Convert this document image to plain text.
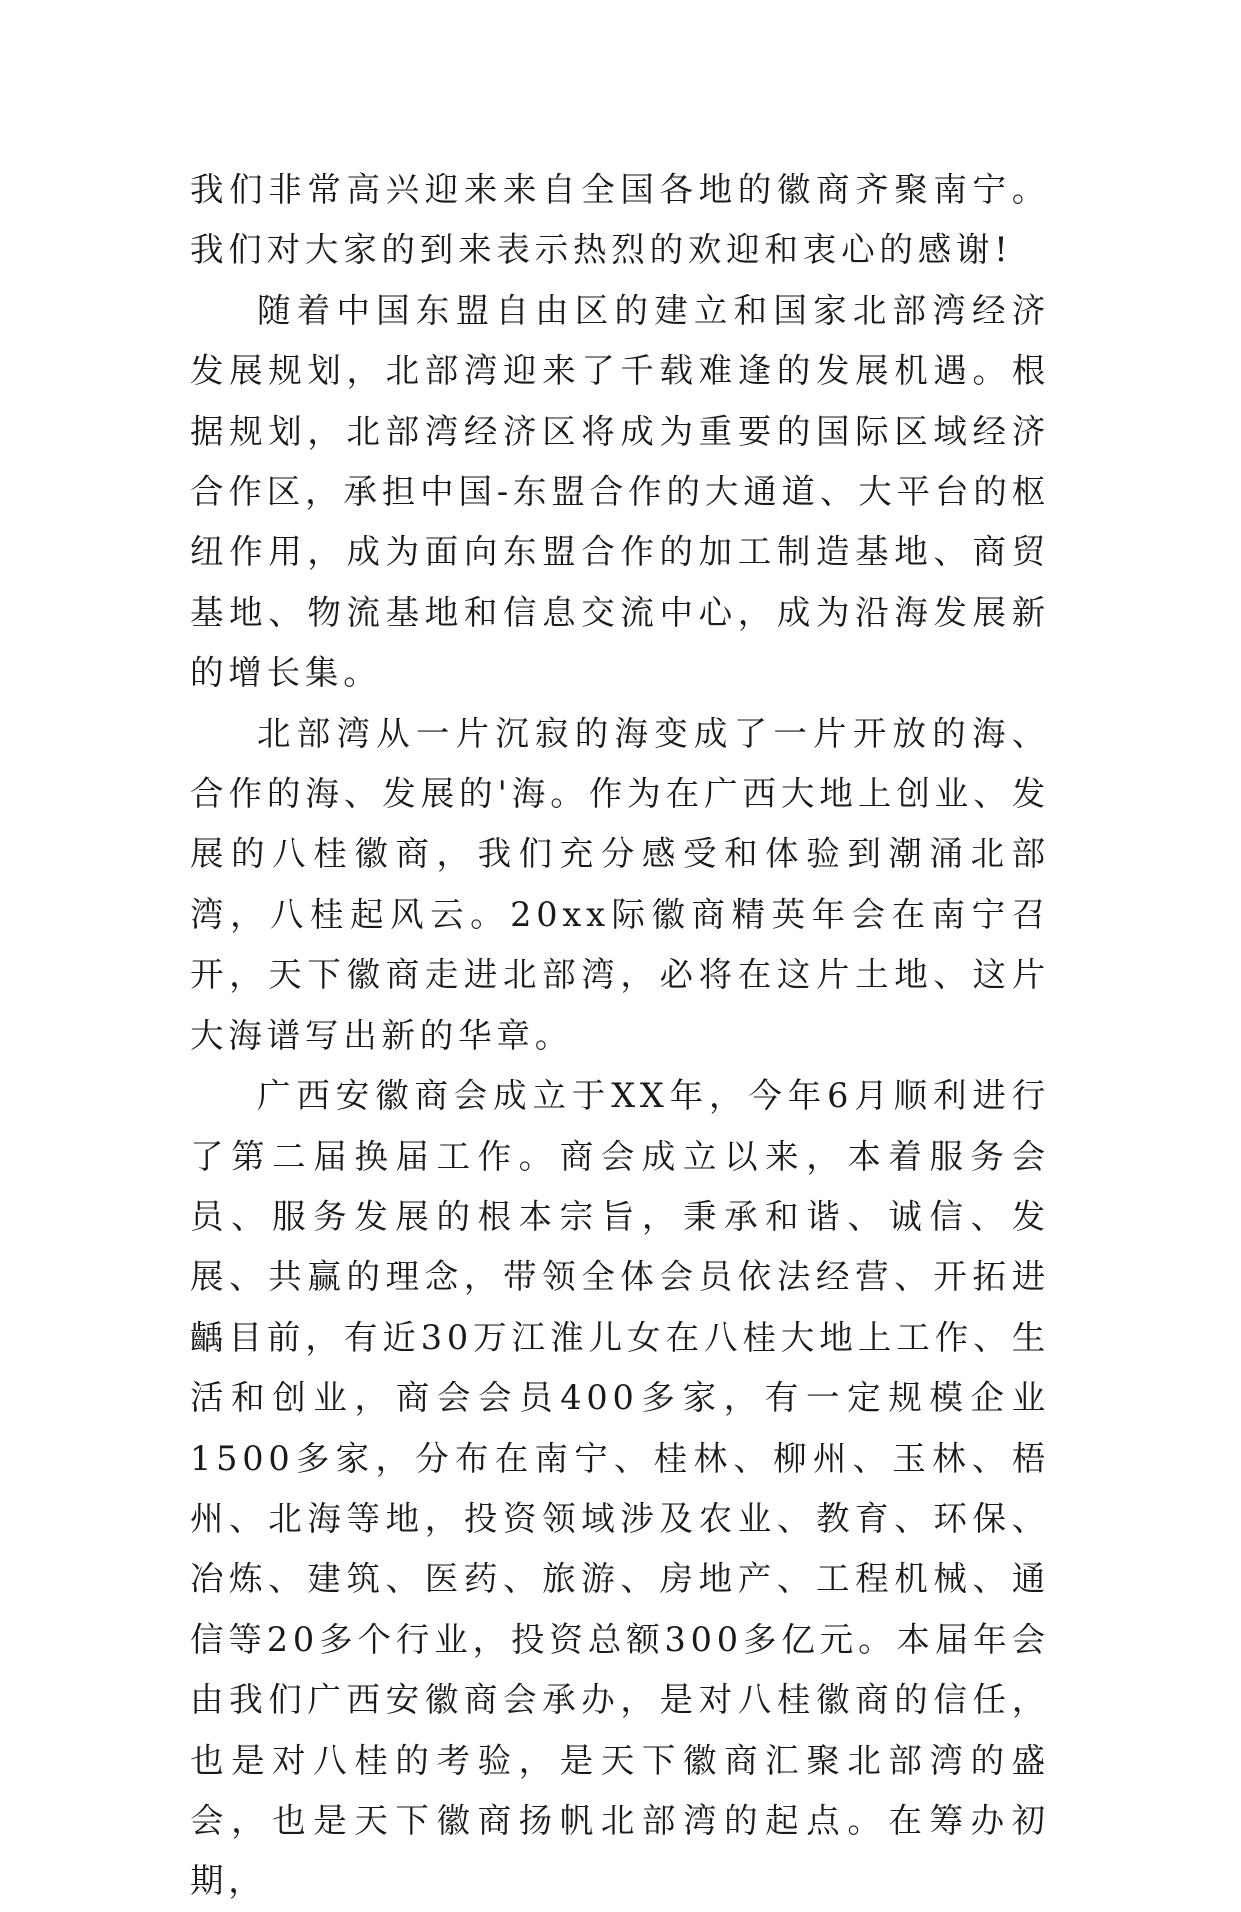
我们非常高兴迎来来自全国各地的徽商齐聚南宁。我们对大家的到来表示热烈的欢迎和衷心的感谢!

随着中国东盟自由区的建立和国家北部湾经济发展规划，北部湾迎来了千载难逢的发展机遇。根据规划，北部湾经济区将成为重要的国际区域经济合作区，承担中国-东盟合作的大通道、大平台的枢纽作用，成为面向东盟合作的加工制造基地、商贸基地、物流基地和信息交流中心，成为沿海发展新的增长集。

北部湾从一片沉寂的海变成了一片开放的海、合作的海、发展的'海。作为在广西大地上创业、发展的八桂徽商，我们充分感受和体验到潮涌北部湾，八桂起风云。20xx际徽商精英年会在南宁召开，天下徽商走进北部湾，必将在这片土地、这片大海谱写出新的华章。

广西安徽商会成立于XX年，今年6月顺利进行了第二届换届工作。商会成立以来，本着服务会员、服务发展的根本宗旨，秉承和谐、诚信、发展、共赢的理念，带领全体会员依法经营、开拓进齲目前，有近30万江淮儿女在八桂大地上工作、生活和创业，商会会员400多家，有一定规模企业1500多家，分布在南宁、桂林、柳州、玉林、梧州、北海等地，投资领域涉及农业、教育、环保、冶炼、建筑、医药、旅游、房地产、工程机械、通信等20多个行业，投资总额300多亿元。本届年会由我们广西安徽商会承办，是对八桂徽商的信任，也是对八桂的考验，是天下徽商汇聚北部湾的盛会，也是天下徽商扬帆北部湾的起点。在筹办初期，
